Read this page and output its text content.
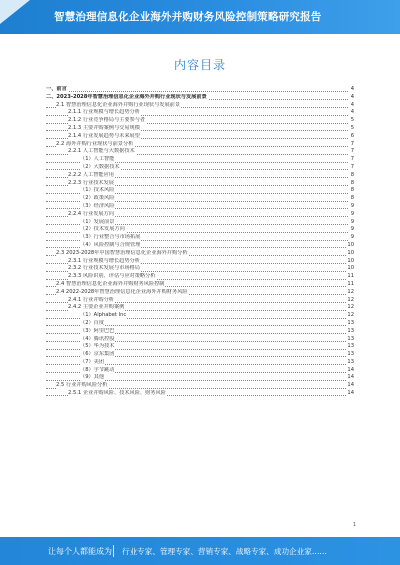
智慧治理信息化企业海外并购财务风险控制策略研究报告
内容目录
一、前言	4
二、2023-2028年智慧治理信息化企业海外并购行业现状与发展前景	4
2.1 智慧治理信息化企业海外并购行业现状与发展前景	4
2.1.1 行业规模与增长趋势分析	4
2.1.2 行业竞争格局与主要参与者	5
2.1.3 主要并购案例与交易规模	5
2.1.4 行业发展趋势与未来展望	6
2.2 海外并购行业现状与前景分析	7
2.2.1 人工智能与大数据技术	7
（1）人工智能	7
（2）大数据技术	7
2.2.2 人工智能应用	8
2.2.3 行业技术发展	8
（1）技术风险	8
（2）政策风险	8
（3）经济风险	9
2.2.4 行业发展方向	9
（1）发展前景	9
（2）技术发展方向	9
（3）行业整合与市场拓展	9
（4）风险控制与合规管理	10
2.3 2023-2028年中国智慧治理信息化企业海外并购分析	10
2.3.1 行业规模与增长趋势分析	10
2.3.2 行业技术发展与市场格局	10
2.3.3 风险识别、评估与应对策略分析	11
2.4 智慧治理信息化企业海外并购财务风险控制	11
2.4 2022-2028年智慧治理信息化企业海外并购财务风险	12
2.4.1 行业并购分析	12
2.4.2 主要企业并购案例	12
（1）Alphabet Inc	12
（2）百度	13
（3）阿里巴巴	13
（4）腾讯控股	13
（5）华为技术	13
（6）京东集团	13
（7）美团	13
（8）字节跳动	14
（9）其他	14
2.5 行业并购风险分析	14
2.5.1 企业并购风险、技术风险、财务风险	14
1
让每个人都能成为 行业专家、管理专家、营销专家、战略专家、成功企业家……
